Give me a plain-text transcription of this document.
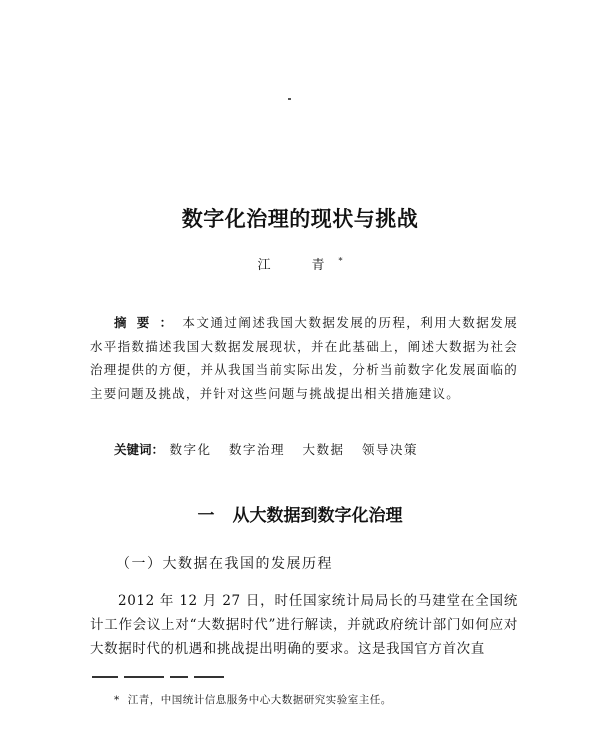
数字化治理的现状与挑战
江　青*
摘要：本文通过阐述我国大数据发展的历程，利用大数据发展水平指数描述我国大数据发展现状，并在此基础上，阐述大数据为社会治理提供的方便，并从我国当前实际出发，分析当前数字化发展面临的主要问题及挑战，并针对这些问题与挑战提出相关措施建议。
关键词： 数字化 数字治理 大数据 领导决策
一 从大数据到数字化治理
（一）大数据在我国的发展历程
2012 年 12 月 27 日，时任国家统计局局长的马建堂在全国统计工作会议上对“大数据时代”进行解读，并就政府统计部门如何应对大数据时代的机遇和挑战提出明确的要求。这是我国官方首次直
* 江青，中国统计信息服务中心大数据研究实验室主任。
